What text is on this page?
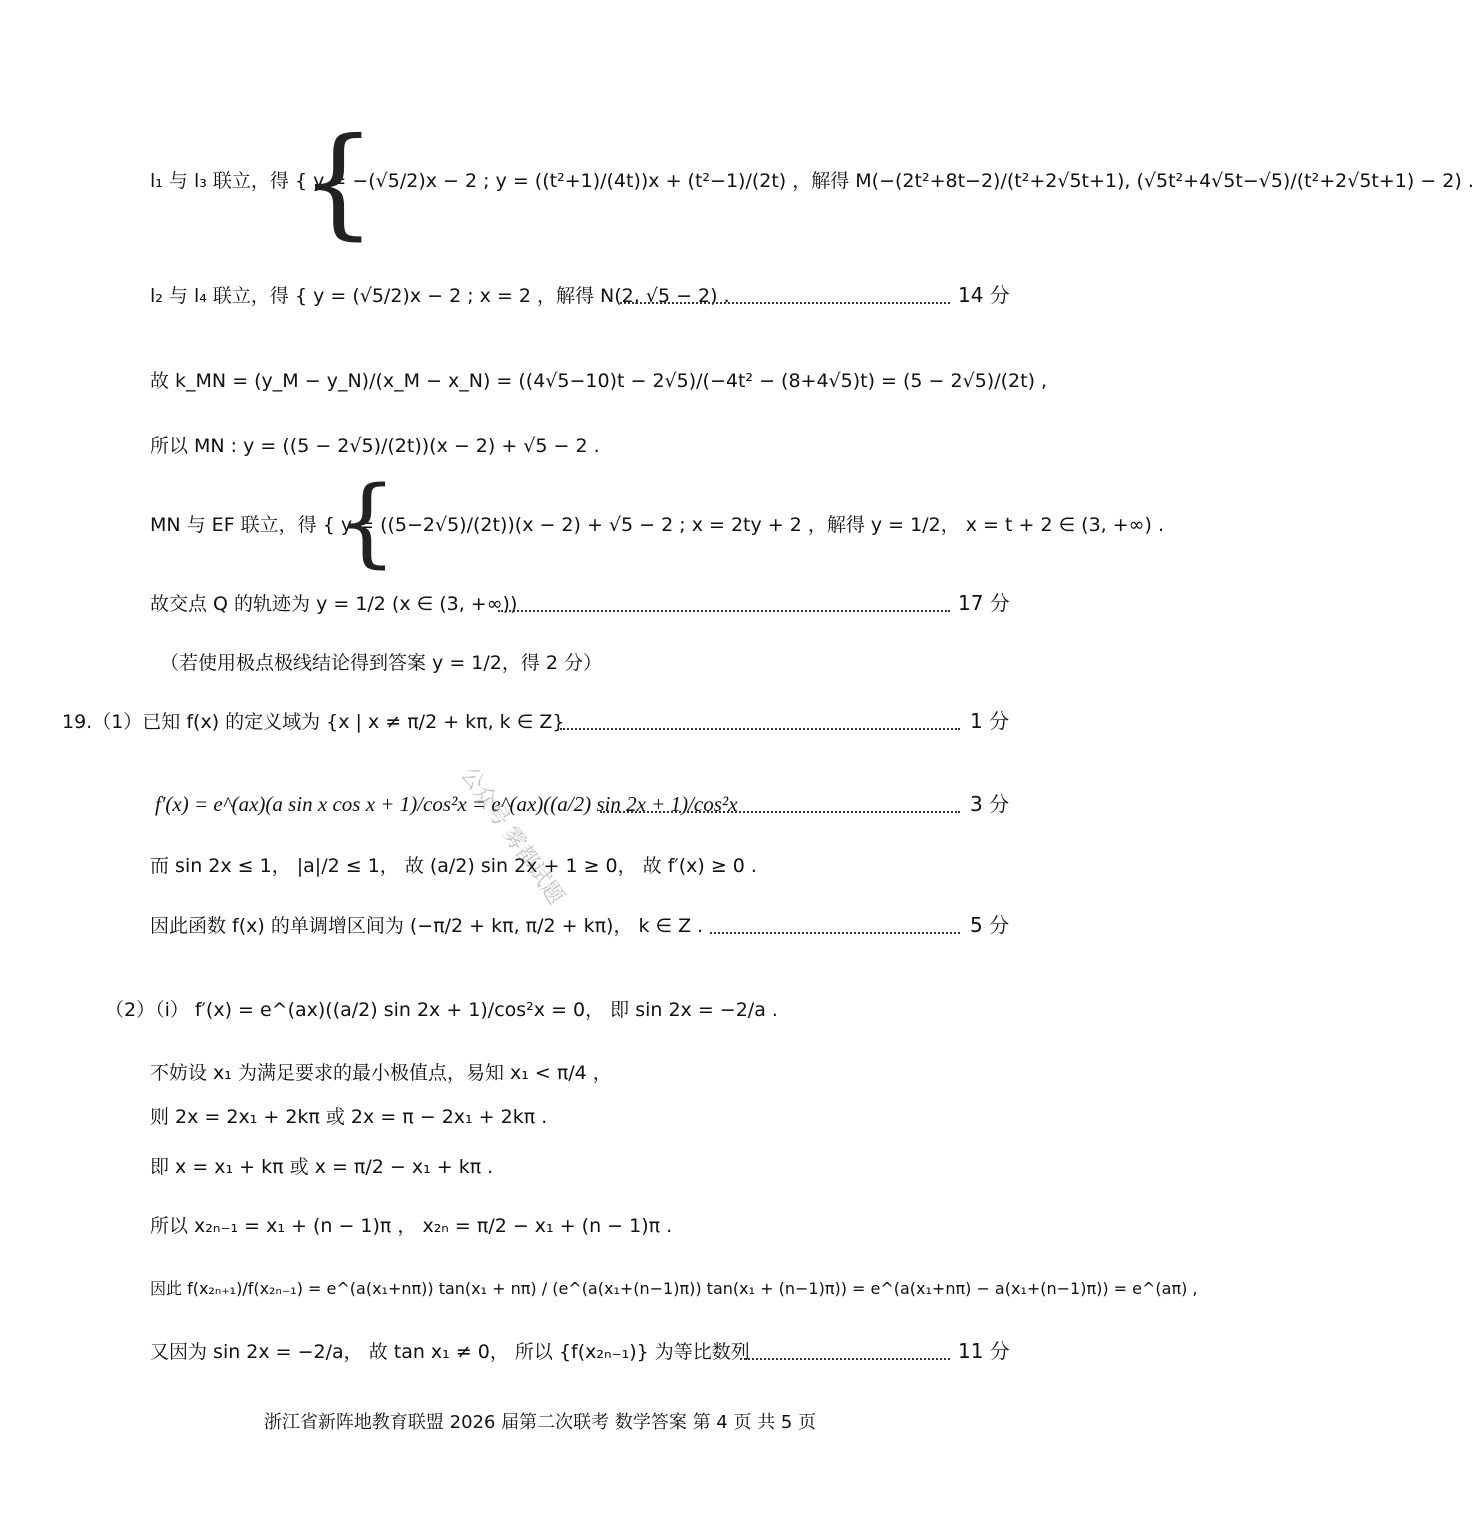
l₁ 与 l₃ 联立，得 { y = −(√5/2)x − 2 ; y = ((t²+1)/(4t))x + (t²−1)/(2t) ，解得 M(−(2t²+8t−2)/(t²+2√5t+1), (√5t²+4√5t−√5)/(t²+2√5t+1) − 2) .
{
l₂ 与 l₄ 联立，得 { y = (√5/2)x − 2 ; x = 2 ，解得 N(2, √5 − 2) .	14 分
故 k_MN = (y_M − y_N)/(x_M − x_N) = ((4√5−10)t − 2√5)/(−4t² − (8+4√5)t) = (5 − 2√5)/(2t) ,
所以 MN : y = ((5 − 2√5)/(2t))(x − 2) + √5 − 2 .
MN 与 EF 联立，得 { y = ((5−2√5)/(2t))(x − 2) + √5 − 2 ; x = 2ty + 2 ，解得 y = 1/2， x = t + 2 ∈ (3, +∞) .
{
故交点 Q 的轨迹为 y = 1/2 (x ∈ (3, +∞))	17 分
（若使用极点极线结论得到答案 y = 1/2，得 2 分）
19.（1）已知 f(x) 的定义域为 {x | x ≠ π/2 + kπ, k ∈ Z}	1 分
f′(x) = e^(ax)(a sin x cos x + 1)/cos²x = e^(ax)((a/2) sin 2x + 1)/cos²x	3 分
而 sin 2x ≤ 1， |a|/2 ≤ 1， 故 (a/2) sin 2x + 1 ≥ 0， 故 f′(x) ≥ 0 .
因此函数 f(x) 的单调增区间为 (−π/2 + kπ, π/2 + kπ)， k ∈ Z .	5 分
（2）（i） f′(x) = e^(ax)((a/2) sin 2x + 1)/cos²x = 0， 即 sin 2x = −2/a .
不妨设 x₁ 为满足要求的最小极值点，易知 x₁ < π/4 ，
则 2x = 2x₁ + 2kπ 或 2x = π − 2x₁ + 2kπ .
即 x = x₁ + kπ 或 x = π/2 − x₁ + kπ .
所以 x₂ₙ₋₁ = x₁ + (n − 1)π ， x₂ₙ = π/2 − x₁ + (n − 1)π .
因此 f(x₂ₙ₊₁)/f(x₂ₙ₋₁) = e^(a(x₁+nπ)) tan(x₁ + nπ) / (e^(a(x₁+(n−1)π)) tan(x₁ + (n−1)π)) = e^(a(x₁+nπ) − a(x₁+(n−1)π)) = e^(aπ) ,
又因为 sin 2x = −2/a， 故 tan x₁ ≠ 0， 所以 {f(x₂ₙ₋₁)} 为等比数列	11 分
公众号 雾都试题
浙江省新阵地教育联盟 2026 届第二次联考 数学答案 第 4 页 共 5 页
